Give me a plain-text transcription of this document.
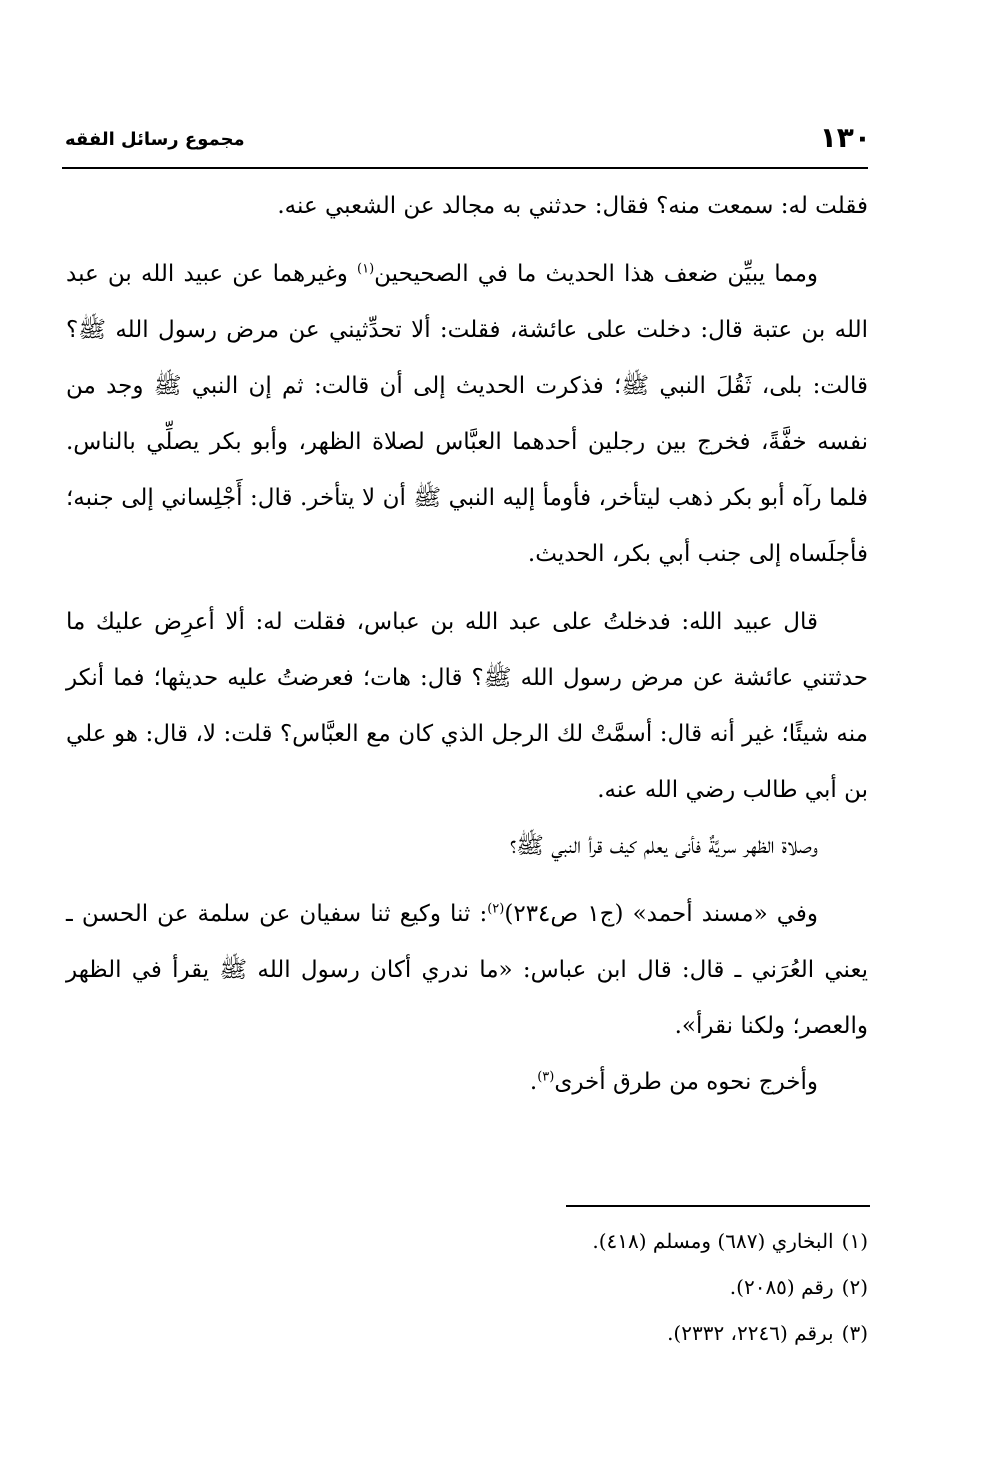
مجموع رسائل الفقه	١٣٠

فقلت له: سمعت منه؟ فقال: حدثني به مجالد عن الشعبي عنه.

ومما يبيِّن ضعف هذا الحديث ما في الصحيحين$^{(١)}$ وغيرهما عن عبيد الله بن عبد الله بن عتبة قال: دخلت على عائشة، فقلت: ألا تحدِّثيني عن مرض رسول الله ﷺ؟ قالت: بلى، ثَقُلَ النبي ﷺ؛ فذكرت الحديث إلى أن قالت: ثم إن النبي ﷺ وجد من نفسه خفَّةً، فخرج بين رجلين أحدهما العبَّاس لصلاة الظهر، وأبو بكر يصلِّي بالناس. فلما رآه أبو بكر ذهب ليتأخر، فأومأ إليه النبي ﷺ أن لا يتأخر. قال: أَجْلِساني إلى جنبه؛ فأجلَساه إلى جنب أبي بكر، الحديث.

قال عبيد الله: فدخلتُ على عبد الله بن عباس، فقلت له: ألا أعرِض عليك ما حدثتني عائشة عن مرض رسول الله ﷺ؟ قال: هات؛ فعرضتُ عليه حديثها؛ فما أنكر منه شيئًا؛ غير أنه قال: أسمَّتْ لك الرجل الذي كان مع العبَّاس؟ قلت: لا، قال: هو علي بن أبي طالب رضي الله عنه.

وصلاة الظهر سريَّةٌ فأنى يعلم كيف قرأ النبي ﷺ؟

وفي «مسند أحمد» (ج١ ص٢٣٤)$^{(٢)}$: ثنا وكيع ثنا سفيان عن سلمة عن الحسن ـ يعني العُرَني ـ قال: قال ابن عباس: «ما ندري أكان رسول الله ﷺ يقرأ في الظهر والعصر؛ ولكنا نقرأ».

وأخرج نحوه من طرق أخرى$^{(٣)}$.

(١)البخاري (٦٨٧) ومسلم (٤١٨).

(٢)رقم (٢٠٨٥).

(٣)برقم (٢٢٤٦، ٢٣٣٢).
